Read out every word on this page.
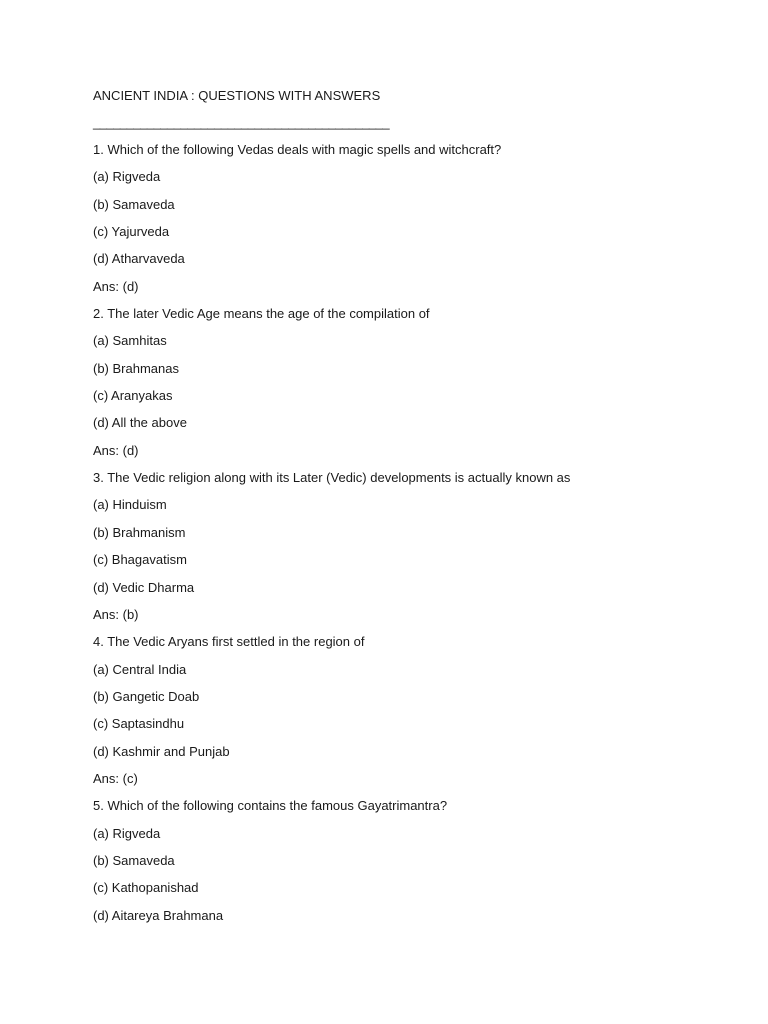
ANCIENT INDIA : QUESTIONS WITH ANSWERS

____________________________________________

1. Which of the following Vedas deals with magic spells and witchcraft?

(a) Rigveda

(b) Samaveda

(c) Yajurveda

(d) Atharvaveda

Ans: (d)

2. The later Vedic Age means the age of the compilation of

(a) Samhitas

(b) Brahmanas

(c) Aranyakas

(d) All the above

Ans: (d)

3. The Vedic religion along with its Later (Vedic) developments is actually known as

(a) Hinduism

(b) Brahmanism

(c) Bhagavatism

(d) Vedic Dharma

Ans: (b)

4. The Vedic Aryans first settled in the region of

(a) Central India

(b) Gangetic Doab

(c) Saptasindhu

(d) Kashmir and Punjab

Ans: (c)

5. Which of the following contains the famous Gayatrimantra?

(a) Rigveda

(b) Samaveda

(c) Kathopanishad

(d) Aitareya Brahmana
